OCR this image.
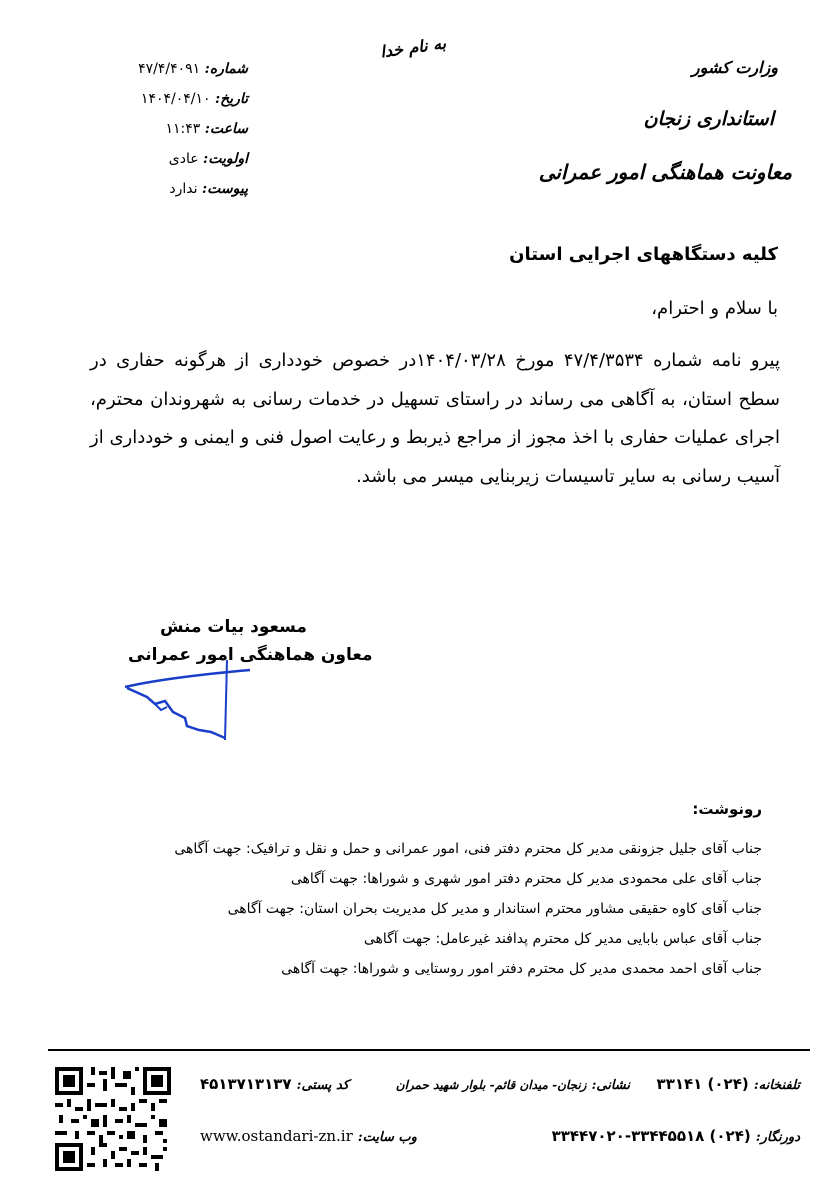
به نام خدا
وزارت کشور
استانداری زنجان
معاونت هماهنگی امور عمرانی
شماره: ۴۷/۴/۴۰۹۱
تاریخ: ۱۴۰۴/۰۴/۱۰
ساعت: ۱۱:۴۳
اولویت: عادی
پیوست: ندارد
کلیه دستگاههای اجرایی استان
با سلام و احترام،
پیرو نامه شماره ۴۷/۴/۳۵۳۴ مورخ ۱۴۰۴/۰۳/۲۸در خصوص خودداری از هرگونه حفاری در سطح استان، به آگاهی می رساند در راستای تسهیل در خدمات رسانی به شهروندان محترم، اجرای عملیات حفاری با اخذ مجوز از مراجع ذیربط و رعایت اصول فنی و ایمنی و خودداری از آسیب رسانی به سایر تاسیسات زیربنایی میسر می باشد.
مسعود بیات منش
معاون هماهنگی امور عمرانی
رونوشت:
جناب آقای جلیل جزونقی مدیر کل محترم دفتر فنی، امور عمرانی و حمل و نقل و ترافیک: جهت آگاهی
جناب آقای علی محمودی مدیر کل محترم دفتر امور شهری و شوراها: جهت آگاهی
جناب آقای کاوه حقیقی مشاور محترم استاندار و مدیر کل مدیریت بحران استان: جهت آگاهی
جناب آقای عباس بابایی مدیر کل محترم پدافند غیرعامل: جهت آگاهی
جناب آقای احمد محمدی مدیر کل محترم دفتر امور روستایی و شوراها: جهت آگاهی
تلفنخانه: (۰۲۴) ۳۳۱۴۱
نشانی: زنجان- میدان قائم- بلوار شهید حمران
کد پستی: ۴۵۱۳۷۱۳۱۳۷
دورنگار: (۰۲۴) ۳۳۴۴۵۵۱۸-۳۳۴۴۷۰۲۰
وب سایت: www.ostandari-zn.ir
